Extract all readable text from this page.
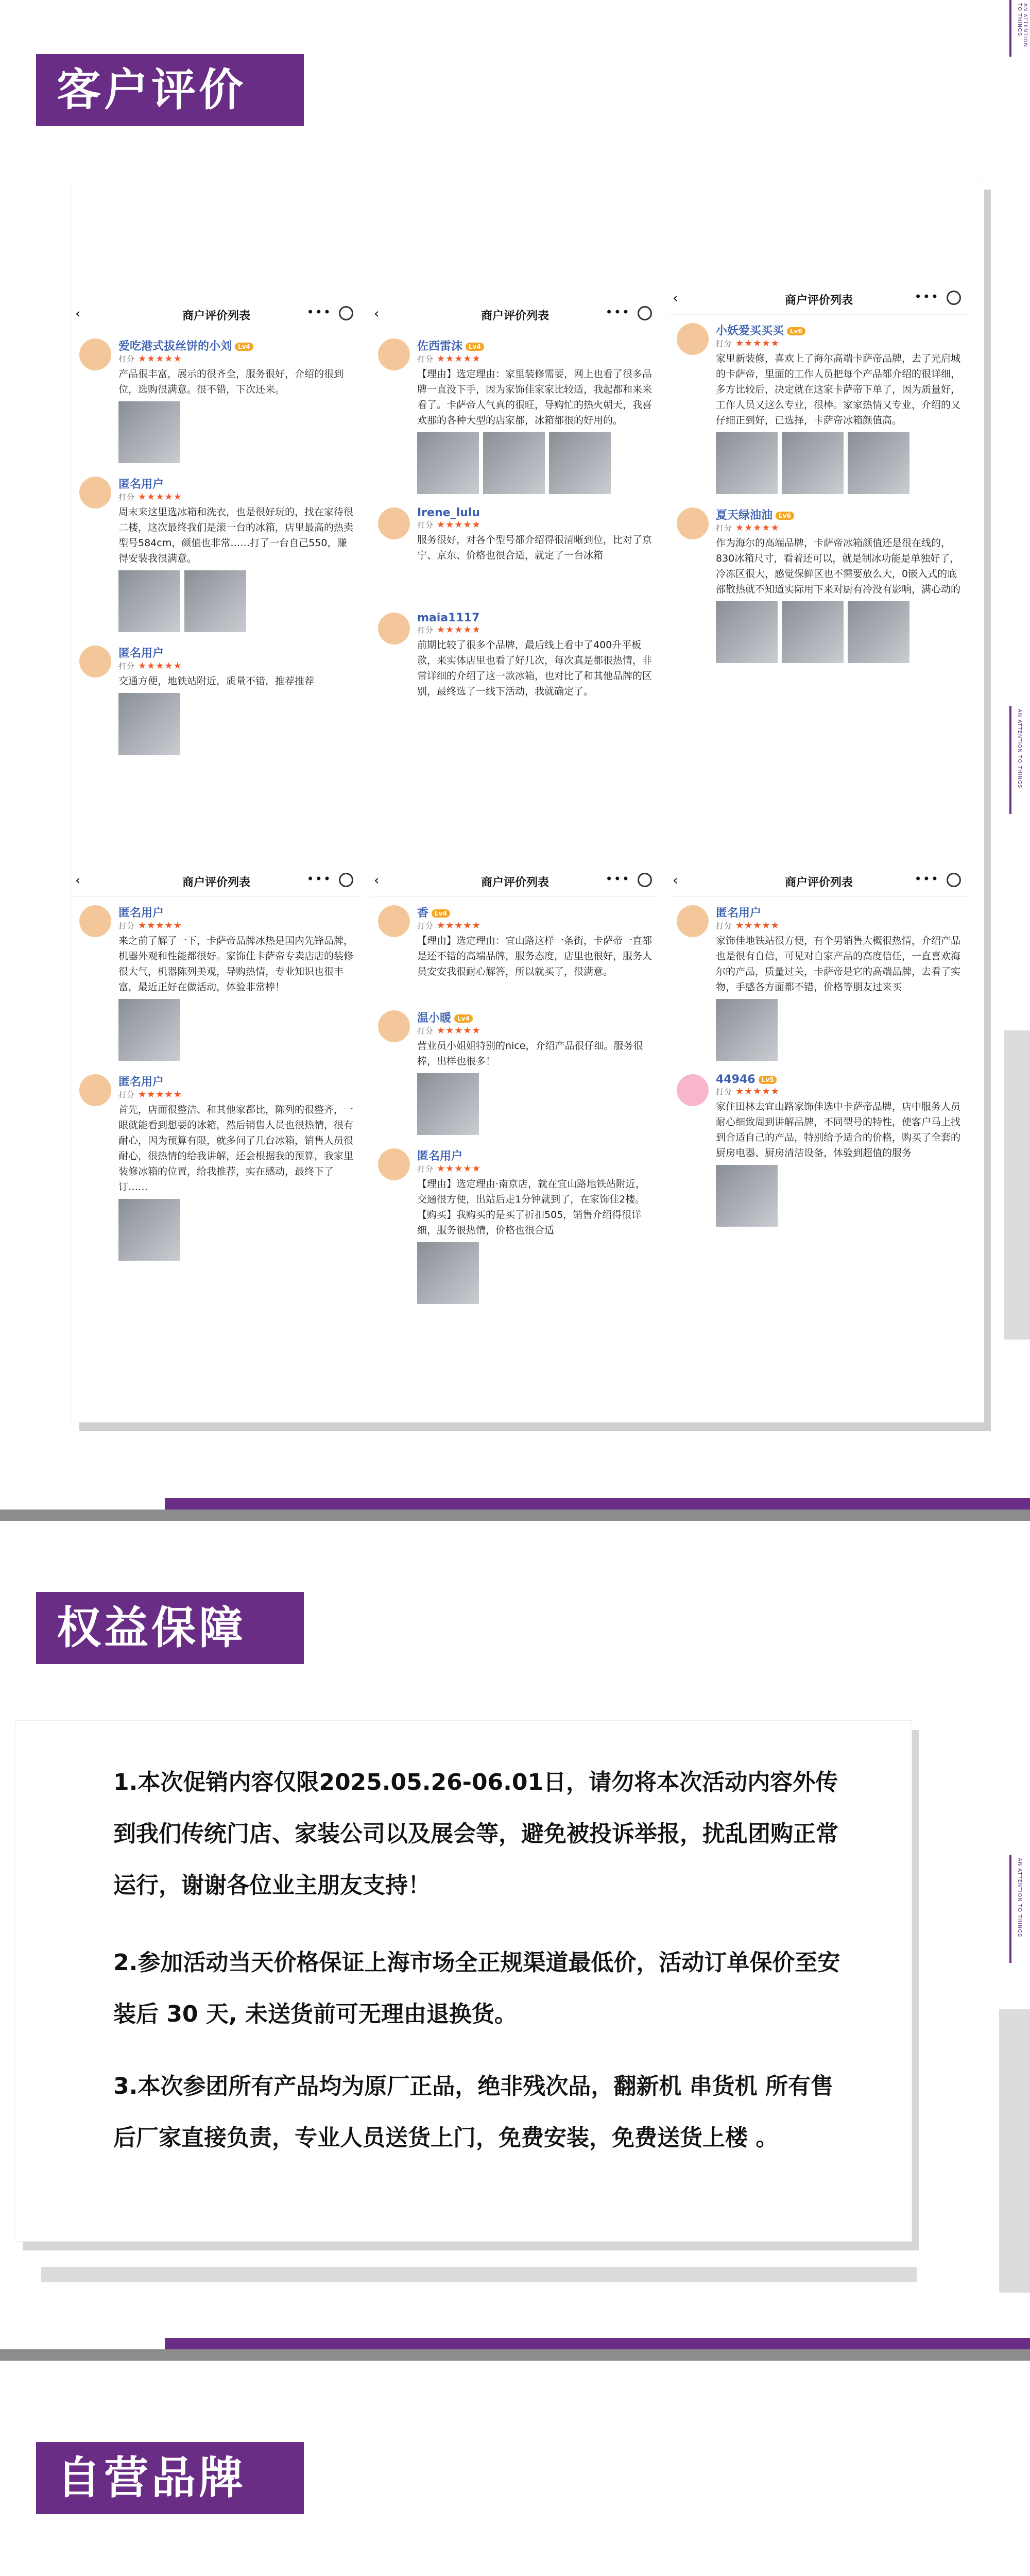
客户评价
AN ATTENTION TO THINGS
AN ATTENTION TO THINGS
‹	商户评价列表	•••
爱吃港式拔丝饼的小刘 Lv4
打分 ★★★★★
产品很丰富，展示的很齐全，服务很好，介绍的很到位，选购很满意。很不错，下次还来。
匿名用户
打分 ★★★★★
周末来这里选冰箱和洗衣，也是很好玩的，找在家待很二楼，这次最终我们是滚一台的冰箱，店里最高的热卖型号584cm，颜值也非常……打了一台自己550，赚得安装我很满意。
匿名用户
打分 ★★★★★
交通方便，地铁站附近，质量不错，推荐推荐
‹	商户评价列表	•••
佐西雷沫 Lv4
打分 ★★★★★
【理由】选定理由：家里装修需要，网上也看了很多品牌一直没下手，因为家饰佳家家比较适，我起都和来来看了。卡萨帝人气真的很旺，导购忙的热火朝天，我喜欢那的各种大型的店家都，冰箱都很的好用的。
Irene_lulu
打分 ★★★★★
服务很好，对各个型号都介绍得很清晰到位，比对了京宁、京东、价格也很合适，就定了一台冰箱
maia1117
打分 ★★★★★
前期比较了很多个品牌，最后线上看中了400升平板款，来实体店里也看了好几次，每次真是都很热情，非常详细的介绍了这一款冰箱，也对比了和其他品牌的区别，最终选了一线下活动，我就确定了。
‹	商户评价列表	•••
小妖爱买买买 Lv6
打分 ★★★★★
家里新装修，喜欢上了海尔高端卡萨帝品牌，去了光启城的卡萨帝，里面的工作人员把每个产品都介绍的很详细，多方比较后，决定就在这家卡萨帝下单了，因为质量好，工作人员又这么专业，很棒。家家热情又专业，介绍的又仔细正到好，已选择，卡萨帝冰箱颜值高。
夏天绿油油 Lv6
打分 ★★★★★
作为海尔的高端品牌，卡萨帝冰箱颜值还是很在线的，830冰箱尺寸，看着还可以，就是制冰功能是单独好了，冷冻区很大，感觉保鲜区也不需要放么大，0嵌入式的底部散热就不知道实际用下来对厨有冷没有影响，满心动的
‹	商户评价列表	•••
匿名用户
打分 ★★★★★
来之前了解了一下，卡萨帝品牌冰热是国内先锋品牌，机器外观和性能都很好。家饰佳卡萨帝专卖店店的装修很大气，机器陈列美观，导购热情，专业知识也很丰富，最近正好在做活动，体验非常棒！
匿名用户
打分 ★★★★★
首先，店面很整洁、和其他家都比，陈列的很整齐，一眼就能看到想要的冰箱，然后销售人员也很热情，很有耐心，因为预算有限，就多问了几台冰箱，销售人员很耐心，很热情的给我讲解，还会根据我的预算，我家里装修冰箱的位置，给我推荐，实在感动，最终下了订……
‹	商户评价列表	•••
香 Lv4
打分 ★★★★★
【理由】选定理由：宜山路这样一条街，卡萨帝一直都是还不错的高端品牌，服务态度，店里也很好，服务人员安安我很耐心解答，所以就买了，很满意。
温小暖 Lv4
打分 ★★★★★
营业员小姐姐特别的nice，介绍产品很仔细。服务很棒，出样也很多！
匿名用户
打分 ★★★★★
【理由】选定理由·南京店，就在宜山路地铁站附近，交通很方便，出站后走1分钟就到了，在家饰佳2楼。【购买】我购买的是买了折扣505，销售介绍得很详细，服务很热情，价格也很合适
‹	商户评价列表	•••
匿名用户
打分 ★★★★★
家饰佳地铁站很方便，有个男销售大概很热情，介绍产品也是很有自信，可见对自家产品的高度信任，一直喜欢海尔的产品，质量过关，卡萨帝是它的高端品牌，去看了实物，手感各方面都不错，价格等朋友过来买
44946 Lv5
打分 ★★★★★
家住田林去宜山路家饰佳选中卡萨帝品牌，店中服务人员耐心细致周到讲解品牌，不同型号的特性，使客户马上找到合适自己的产品，特别给予适合的价格，购买了全套的厨房电器、厨房清洁设备，体验到超值的服务
权益保障
AN ATTENTION TO THINGS

1.本次促销内容仅限2025.05.26-06.01日，请勿将本次活动内容外传到我们传统门店、家装公司以及展会等，避免被投诉举报，扰乱团购正常运行，谢谢各位业主朋友支持！

2.参加活动当天价格保证上海市场全正规渠道最低价，活动订单保价至安装后 30 天, 未送货前可无理由退换货。

3.本次参团所有产品均为原厂正品，绝非残次品，翻新机 串货机 所有售后厂家直接负责，专业人员送货上门，免费安装，免费送货上楼 。

自营品牌
